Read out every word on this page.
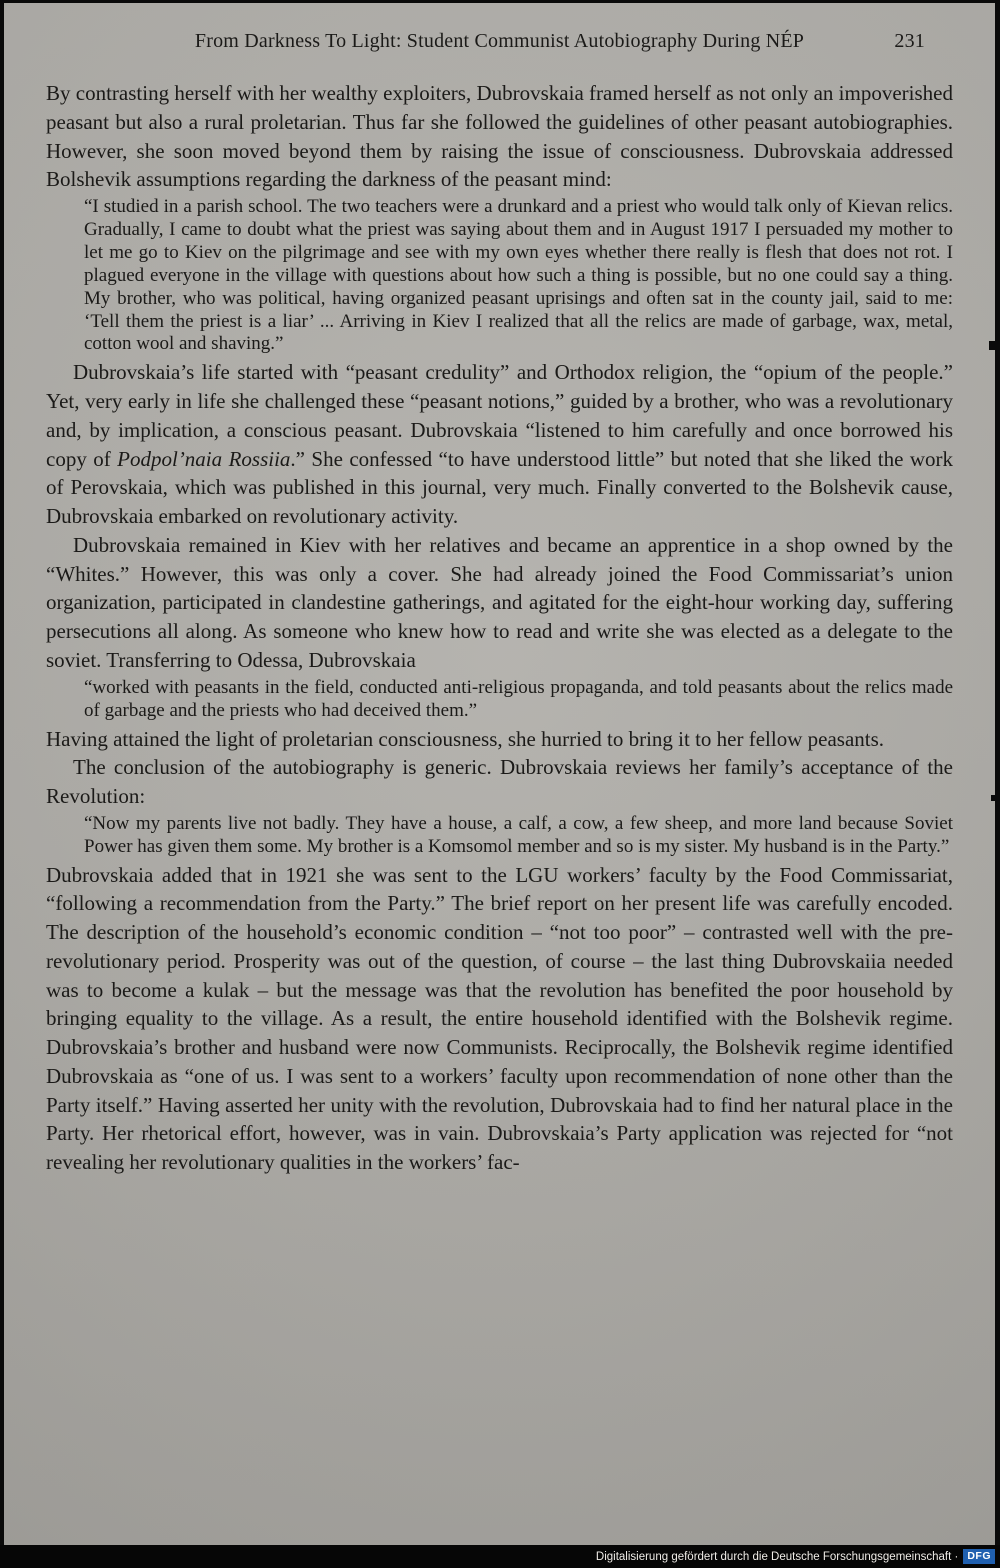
From Darkness To Light: Student Communist Autobiography During NÉP	231

By contrasting herself with her wealthy exploiters, Dubrovskaia framed herself as not only an impoverished peasant but also a rural proletarian. Thus far she followed the guidelines of other peasant autobiographies. However, she soon moved beyond them by raising the issue of consciousness. Dubrovskaia addressed Bolshevik assumptions regarding the darkness of the peasant mind:

“I studied in a parish school. The two teachers were a drunkard and a priest who would talk only of Kievan relics. Gradually, I came to doubt what the priest was saying about them and in August 1917 I persuaded my mother to let me go to Kiev on the pilgrimage and see with my own eyes whether there really is flesh that does not rot. I plagued everyone in the village with questions about how such a thing is possible, but no one could say a thing. My brother, who was political, having organized peasant uprisings and often sat in the county jail, said to me: ‘Tell them the priest is a liar’ ... Arriving in Kiev I realized that all the relics are made of garbage, wax, metal, cotton wool and shaving.”

Dubrovskaia’s life started with “peasant credulity” and Orthodox religion, the “opium of the people.” Yet, very early in life she challenged these “peasant notions,” guided by a brother, who was a revolutionary and, by implication, a conscious peasant. Dubrovskaia “listened to him carefully and once borrowed his copy of Podpol’naia Rossiia.” She confessed “to have understood little” but noted that she liked the work of Perovskaia, which was published in this journal, very much. Finally converted to the Bolshevik cause, Dubrovskaia embarked on revolutionary activity.

Dubrovskaia remained in Kiev with her relatives and became an apprentice in a shop owned by the “Whites.” However, this was only a cover. She had already joined the Food Commissariat’s union organization, participated in clandestine gatherings, and agitated for the eight-hour working day, suffering persecutions all along. As someone who knew how to read and write she was elected as a delegate to the soviet. Transferring to Odessa, Dubrovskaia

“worked with peasants in the field, conducted anti-religious propaganda, and told peasants about the relics made of garbage and the priests who had deceived them.”

Having attained the light of proletarian consciousness, she hurried to bring it to her fellow peasants.

The conclusion of the autobiography is generic. Dubrovskaia reviews her family’s acceptance of the Revolution:

“Now my parents live not badly. They have a house, a calf, a cow, a few sheep, and more land because Soviet Power has given them some. My brother is a Komsomol member and so is my sister. My husband is in the Party.”

Dubrovskaia added that in 1921 she was sent to the LGU workers’ faculty by the Food Commissariat, “following a recommendation from the Party.” The brief report on her present life was carefully encoded. The description of the household’s economic condition – “not too poor” – contrasted well with the pre-revolutionary period. Prosperity was out of the question, of course – the last thing Dubrovskaiia needed was to become a kulak – but the message was that the revolution has benefited the poor household by bringing equality to the village. As a result, the entire household identified with the Bolshevik regime. Dubrovskaia’s brother and husband were now Communists. Reciprocally, the Bolshevik regime identified Dubrovskaia as “one of us. I was sent to a workers’ faculty upon recommendation of none other than the Party itself.” Having asserted her unity with the revolution, Dubrovskaia had to find her natural place in the Party. Her rhetorical effort, however, was in vain. Dubrovskaia’s Party application was rejected for “not revealing her revolutionary qualities in the workers’ fac-

Digitalisierung gefördert durch die Deutsche Forschungsgemeinschaft · DFG
